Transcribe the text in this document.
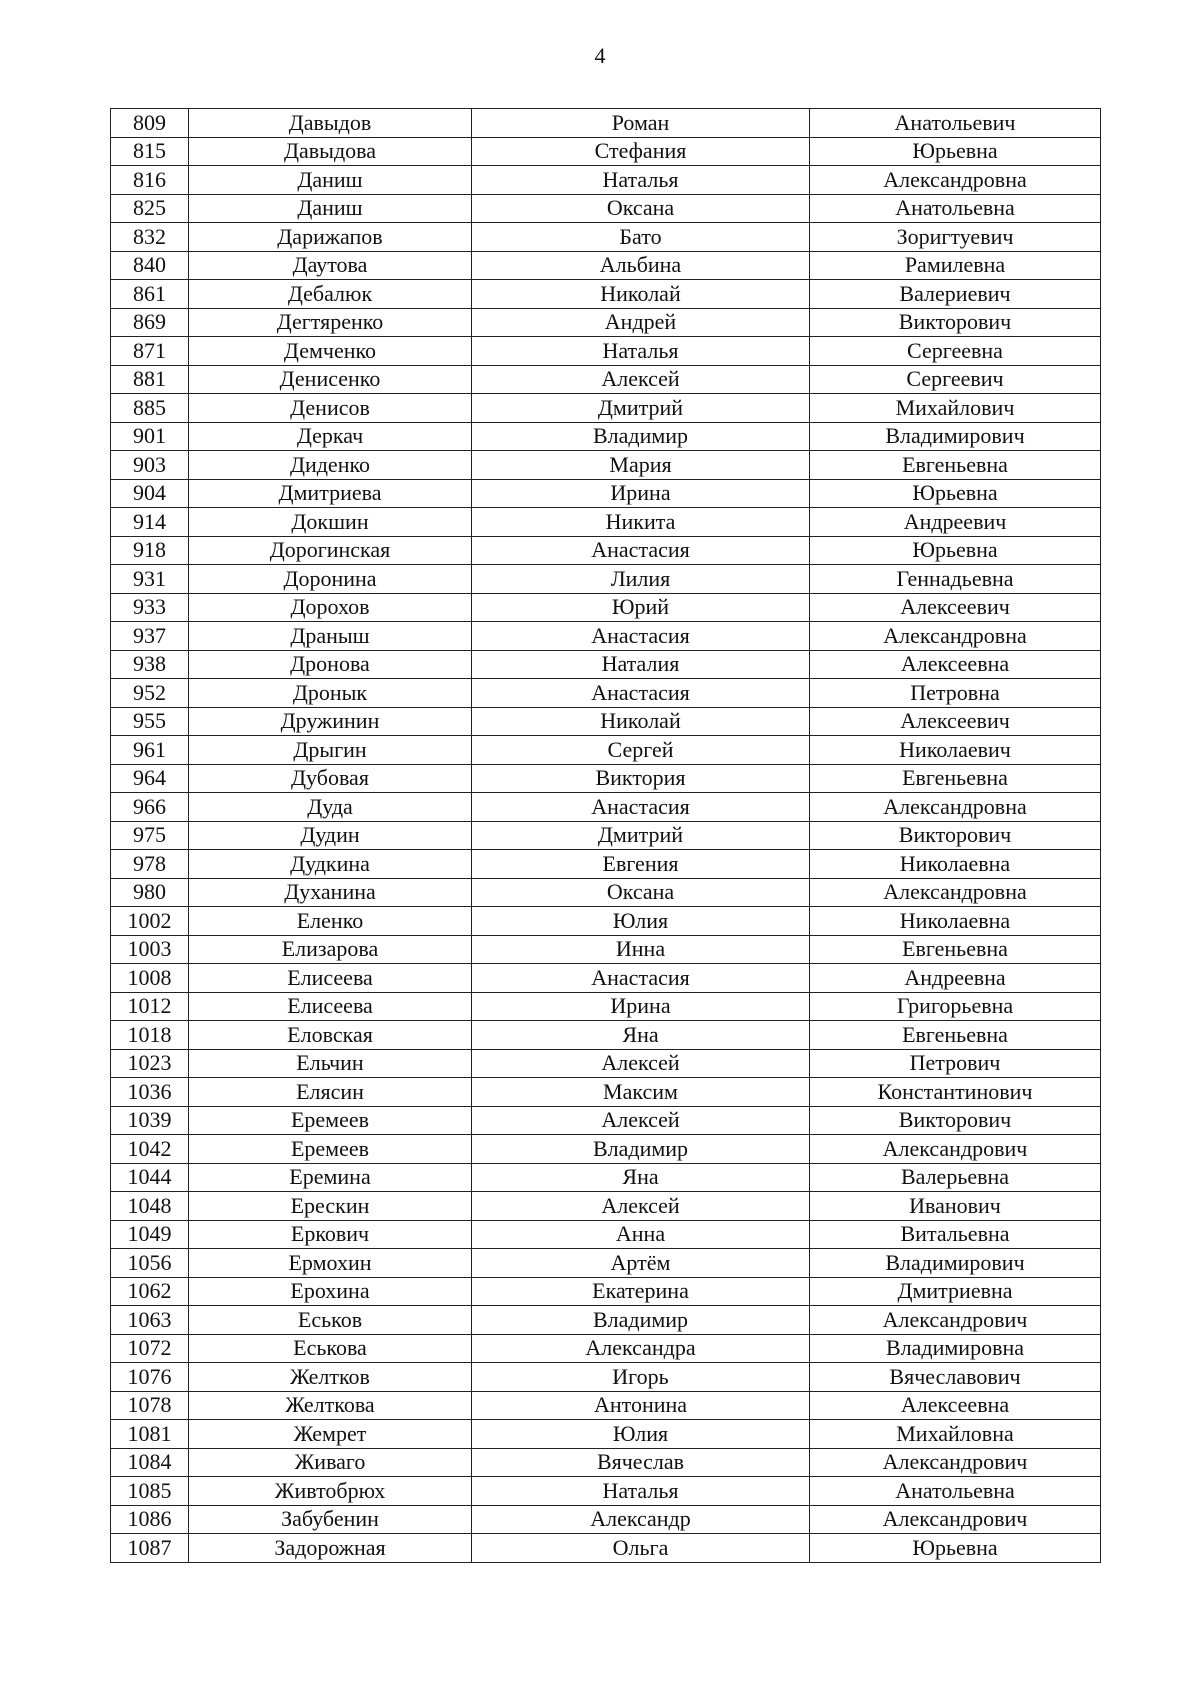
4
809	Давыдов	Роман	Анатольевич
815	Давыдова	Стефания	Юрьевна
816	Даниш	Наталья	Александровна
825	Даниш	Оксана	Анатольевна
832	Дарижапов	Бато	Зоригтуевич
840	Даутова	Альбина	Рамилевна
861	Дебалюк	Николай	Валериевич
869	Дегтяренко	Андрей	Викторович
871	Демченко	Наталья	Сергеевна
881	Денисенко	Алексей	Сергеевич
885	Денисов	Дмитрий	Михайлович
901	Деркач	Владимир	Владимирович
903	Диденко	Мария	Евгеньевна
904	Дмитриева	Ирина	Юрьевна
914	Докшин	Никита	Андреевич
918	Дорогинская	Анастасия	Юрьевна
931	Доронина	Лилия	Геннадьевна
933	Дорохов	Юрий	Алексеевич
937	Драныш	Анастасия	Александровна
938	Дронова	Наталия	Алексеевна
952	Дронык	Анастасия	Петровна
955	Дружинин	Николай	Алексеевич
961	Дрыгин	Сергей	Николаевич
964	Дубовая	Виктория	Евгеньевна
966	Дуда	Анастасия	Александровна
975	Дудин	Дмитрий	Викторович
978	Дудкина	Евгения	Николаевна
980	Духанина	Оксана	Александровна
1002	Еленко	Юлия	Николаевна
1003	Елизарова	Инна	Евгеньевна
1008	Елисеева	Анастасия	Андреевна
1012	Елисеева	Ирина	Григорьевна
1018	Еловская	Яна	Евгеньевна
1023	Ельчин	Алексей	Петрович
1036	Елясин	Максим	Константинович
1039	Еремеев	Алексей	Викторович
1042	Еремеев	Владимир	Александрович
1044	Еремина	Яна	Валерьевна
1048	Ерескин	Алексей	Иванович
1049	Еркович	Анна	Витальевна
1056	Ермохин	Артём	Владимирович
1062	Ерохина	Екатерина	Дмитриевна
1063	Еськов	Владимир	Александрович
1072	Еськова	Александра	Владимировна
1076	Желтков	Игорь	Вячеславович
1078	Желткова	Антонина	Алексеевна
1081	Жемрет	Юлия	Михайловна
1084	Живаго	Вячеслав	Александрович
1085	Живтобрюх	Наталья	Анатольевна
1086	Забубенин	Александр	Александрович
1087	Задорожная	Ольга	Юрьевна
